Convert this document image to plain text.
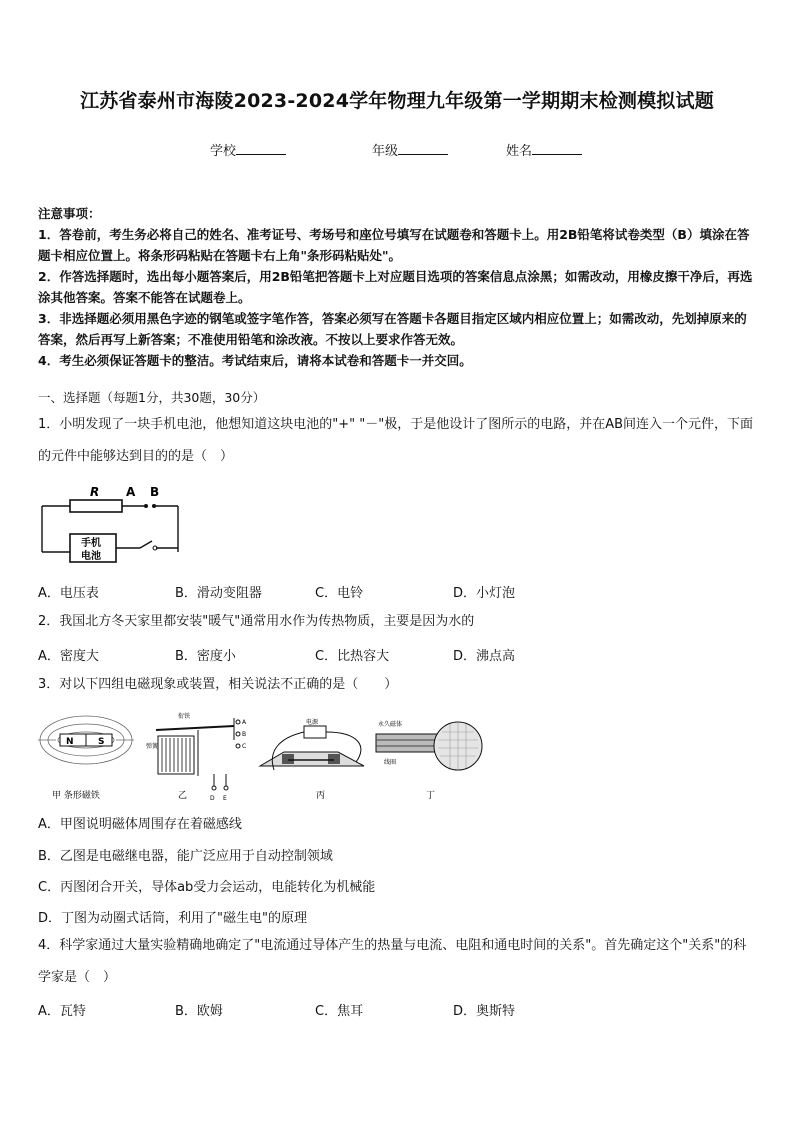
江苏省泰州市海陵2023-2024学年物理九年级第一学期期末检测模拟试题
学校	年级	姓名
注意事项：
1．答卷前，考生务必将自己的姓名、准考证号、考场号和座位号填写在试题卷和答题卡上。用2B铅笔将试卷类型（B）填涂在答题卡相应位置上。将条形码粘贴在答题卡右上角"条形码粘贴处"。
2．作答选择题时，选出每小题答案后，用2B铅笔把答题卡上对应题目选项的答案信息点涂黑；如需改动，用橡皮擦干净后，再选涂其他答案。答案不能答在试题卷上。
3．非选择题必须用黑色字迹的钢笔或签字笔作答，答案必须写在答题卡各题目指定区域内相应位置上；如需改动，先划掉原来的答案，然后再写上新答案；不准使用铅笔和涂改液。不按以上要求作答无效。
4．考生必须保证答题卡的整洁。考试结束后，请将本试卷和答题卡一并交回。
一、选择题（每题1分，共30题，30分）
1．小明发现了一块手机电池，他想知道这块电池的"+" "－"极，于是他设计了图所示的电路，并在AB间连入一个元件，下面的元件中能够达到目的的是（　）
R A B
手机
电池
A．电压表	B．滑动变阻器	C．电铃	D．小灯泡
2．我国北方冬天家里都安装"暖气"通常用水作为传热物质，主要是因为水的
A．密度大	B．密度小	C．比热容大	D．沸点高
3．对以下四组电磁现象或装置，相关说法不正确的是（　　）
N	S
甲 条形磁铁
衔铁
弹簧
A
B
C
D E
乙
电源
丙
永久磁体
线圈
丁
A．甲图说明磁体周围存在着磁感线
B．乙图是电磁继电器，能广泛应用于自动控制领域
C．丙图闭合开关，导体ab受力会运动，电能转化为机械能
D．丁图为动圈式话筒，利用了"磁生电"的原理
4．科学家通过大量实验精确地确定了"电流通过导体产生的热量与电流、电阻和通电时间的关系"。首先确定这个"关系"的科学家是（　）
A．瓦特	B．欧姆	C．焦耳	D．奥斯特
